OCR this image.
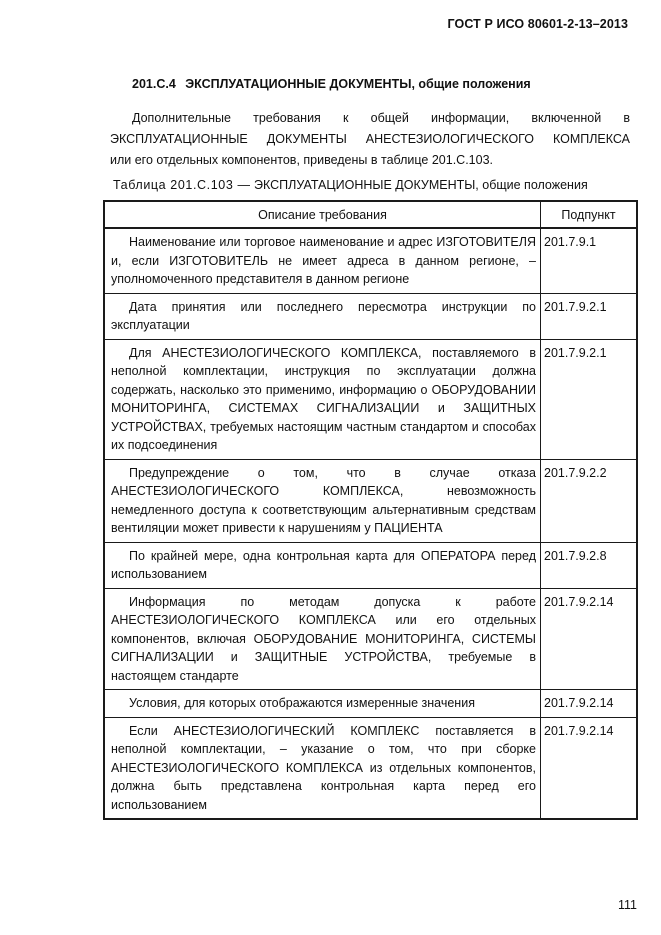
ГОСТ Р ИСО 80601-2-13–2013
201.C.4 ЭКСПЛУАТАЦИОННЫЕ ДОКУМЕНТЫ, общие положения
Дополнительные требования к общей информации, включенной в
ЭКСПЛУАТАЦИОННЫЕ ДОКУМЕНТЫ АНЕСТЕЗИОЛОГИЧЕСКОГО КОМПЛЕКСА
или его отдельных компонентов, приведены в таблице 201.C.103.
Таблица 201.C.103 — ЭКСПЛУАТАЦИОННЫЕ ДОКУМЕНТЫ, общие положения
Описание требования	Подпункт

Наименование или торговое наименование и адрес ИЗГОТОВИТЕЛЯ и, если ИЗГОТОВИТЕЛЬ не имеет адреса в данном регионе, – уполномоченного представителя в данном регионе	201.7.9.1

Дата принятия или последнего пересмотра инструкции по эксплуатации	201.7.9.2.1

Для АНЕСТЕЗИОЛОГИЧЕСКОГО КОМПЛЕКСА, поставляемого в неполной комплектации, инструкция по эксплуатации должна содержать, насколько это применимо, информацию о ОБОРУДОВАНИИ МОНИТОРИНГА, СИСТЕМАХ СИГНАЛИЗАЦИИ и ЗАЩИТНЫХ УСТРОЙСТВАХ, требуемых настоящим частным стандартом и способах их подсоединения	201.7.9.2.1

Предупреждение о том, что в случае отказа АНЕСТЕЗИОЛОГИЧЕСКОГО КОМПЛЕКСА, невозможность немедленного доступа к соответствующим альтернативным средствам вентиляции может привести к нарушениям у ПАЦИЕНТА	201.7.9.2.2

По крайней мере, одна контрольная карта для ОПЕРАТОРА перед использованием	201.7.9.2.8

Информация по методам допуска к работе АНЕСТЕЗИОЛОГИЧЕСКОГО КОМПЛЕКСА или его отдельных компонентов, включая ОБОРУДОВАНИЕ МОНИТОРИНГА, СИСТЕМЫ СИГНАЛИЗАЦИИ и ЗАЩИТНЫЕ УСТРОЙСТВА, требуемые в настоящем стандарте	201.7.9.2.14

Условия, для которых отображаются измеренные значения	201.7.9.2.14

Если АНЕСТЕЗИОЛОГИЧЕСКИЙ КОМПЛЕКС поставляется в неполной комплектации, – указание о том, что при сборке АНЕСТЕЗИОЛОГИЧЕСКОГО КОМПЛЕКСА из отдельных компонентов, должна быть представлена контрольная карта перед его использованием	201.7.9.2.14
111
